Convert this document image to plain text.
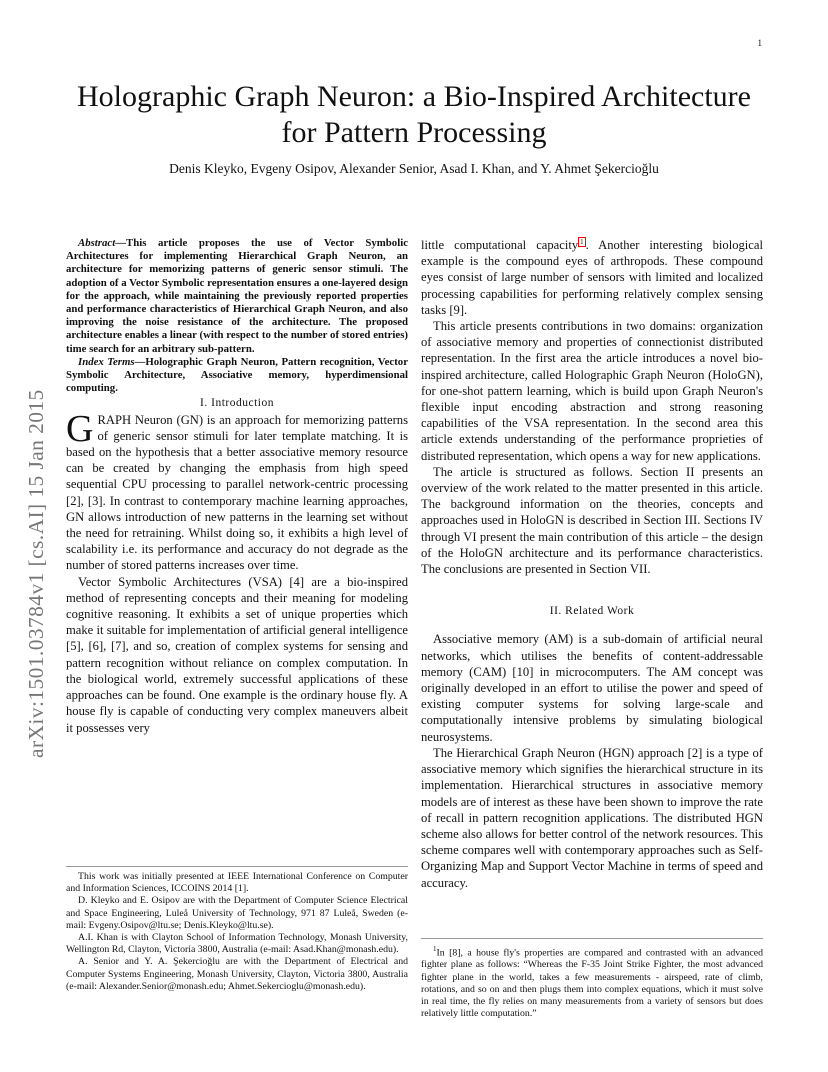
1
arXiv:1501.03784v1 [cs.AI] 15 Jan 2015
Holographic Graph Neuron: a Bio-Inspired Architecture for Pattern Processing

Denis Kleyko, Evgeny Osipov, Alexander Senior, Asad I. Khan, and Y. Ahmet Şekercioğlu

Abstract—This article proposes the use of Vector Symbolic Architectures for implementing Hierarchical Graph Neuron, an architecture for memorizing patterns of generic sensor stimuli. The adoption of a Vector Symbolic representation ensures a one-layered design for the approach, while maintaining the previously reported properties and performance characteristics of Hierarchical Graph Neuron, and also improving the noise resistance of the architecture. The proposed architecture enables a linear (with respect to the number of stored entries) time search for an arbitrary sub-pattern.

Index Terms—Holographic Graph Neuron, Pattern recognition, Vector Symbolic Architecture, Associative memory, hyperdimensional computing.

I. Introduction

GRAPH Neuron (GN) is an approach for memorizing patterns of generic sensor stimuli for later template matching. It is based on the hypothesis that a better associative memory resource can be created by changing the emphasis from high speed sequential CPU processing to parallel network-centric processing [2], [3]. In contrast to contemporary machine learning approaches, GN allows introduction of new patterns in the learning set without the need for retraining. Whilst doing so, it exhibits a high level of scalability i.e. its performance and accuracy do not degrade as the number of stored patterns increases over time.

Vector Symbolic Architectures (VSA) [4] are a bio-inspired method of representing concepts and their meaning for modeling cognitive reasoning. It exhibits a set of unique properties which make it suitable for implementation of artificial general intelligence [5], [6], [7], and so, creation of complex systems for sensing and pattern recognition without reliance on complex computation. In the biological world, extremely successful applications of these approaches can be found. One example is the ordinary house fly. A house fly is capable of conducting very complex maneuvers albeit it possesses very

little computational capacity $^1$ . Another interesting biological example is the compound eyes of arthropods. These compound eyes consist of large number of sensors with limited and localized processing capabilities for performing relatively complex sensing tasks [9].

This article presents contributions in two domains: organization of associative memory and properties of connectionist distributed representation. In the first area the article introduces a novel bio-inspired architecture, called Holographic Graph Neuron (HoloGN), for one-shot pattern learning, which is build upon Graph Neuron's flexible input encoding abstraction and strong reasoning capabilities of the VSA representation. In the second area this article extends understanding of the performance proprieties of distributed representation, which opens a way for new applications.

The article is structured as follows. Section II presents an overview of the work related to the matter presented in this article. The background information on the theories, concepts and approaches used in HoloGN is described in Section III. Sections IV through VI present the main contribution of this article – the design of the HoloGN architecture and its performance characteristics. The conclusions are presented in Section VII.

II. Related Work

Associative memory (AM) is a sub-domain of artificial neural networks, which utilises the benefits of content-addressable memory (CAM) [10] in microcomputers. The AM concept was originally developed in an effort to utilise the power and speed of existing computer systems for solving large-scale and computationally intensive problems by simulating biological neurosystems.

The Hierarchical Graph Neuron (HGN) approach [2] is a type of associative memory which signifies the hierarchical structure in its implementation. Hierarchical structures in associative memory models are of interest as these have been shown to improve the rate of recall in pattern recognition applications. The distributed HGN scheme also allows for better control of the network resources. This scheme compares well with contemporary approaches such as Self-Organizing Map and Support Vector Machine in terms of speed and accuracy.

This work was initially presented at IEEE International Conference on Computer and Information Sciences, ICCOINS 2014 [1].

D. Kleyko and E. Osipov are with the Department of Computer Science Electrical and Space Engineering, Luleå University of Technology, 971 87 Luleå, Sweden (e-mail: Evgeny.Osipov@ltu.se; Denis.Kleyko@ltu.se).

A.I. Khan is with Clayton School of Information Technology, Monash University, Wellington Rd, Clayton, Victoria 3800, Australia (e-mail: Asad.Khan@monash.edu).

A. Senior and Y. A. Şekercioğlu are with the Department of Electrical and Computer Systems Engineering, Monash University, Clayton, Victoria 3800, Australia (e-mail: Alexander.Senior@monash.edu; Ahmet.Sekercioglu@monash.edu).

$^1$In [8], a house fly's properties are compared and contrasted with an advanced fighter plane as follows: “Whereas the F-35 Joint Strike Fighter, the most advanced fighter plane in the world, takes a few measurements - airspeed, rate of climb, rotations, and so on and then plugs them into complex equations, which it must solve in real time, the fly relies on many measurements from a variety of sensors but does relatively little computation.”
